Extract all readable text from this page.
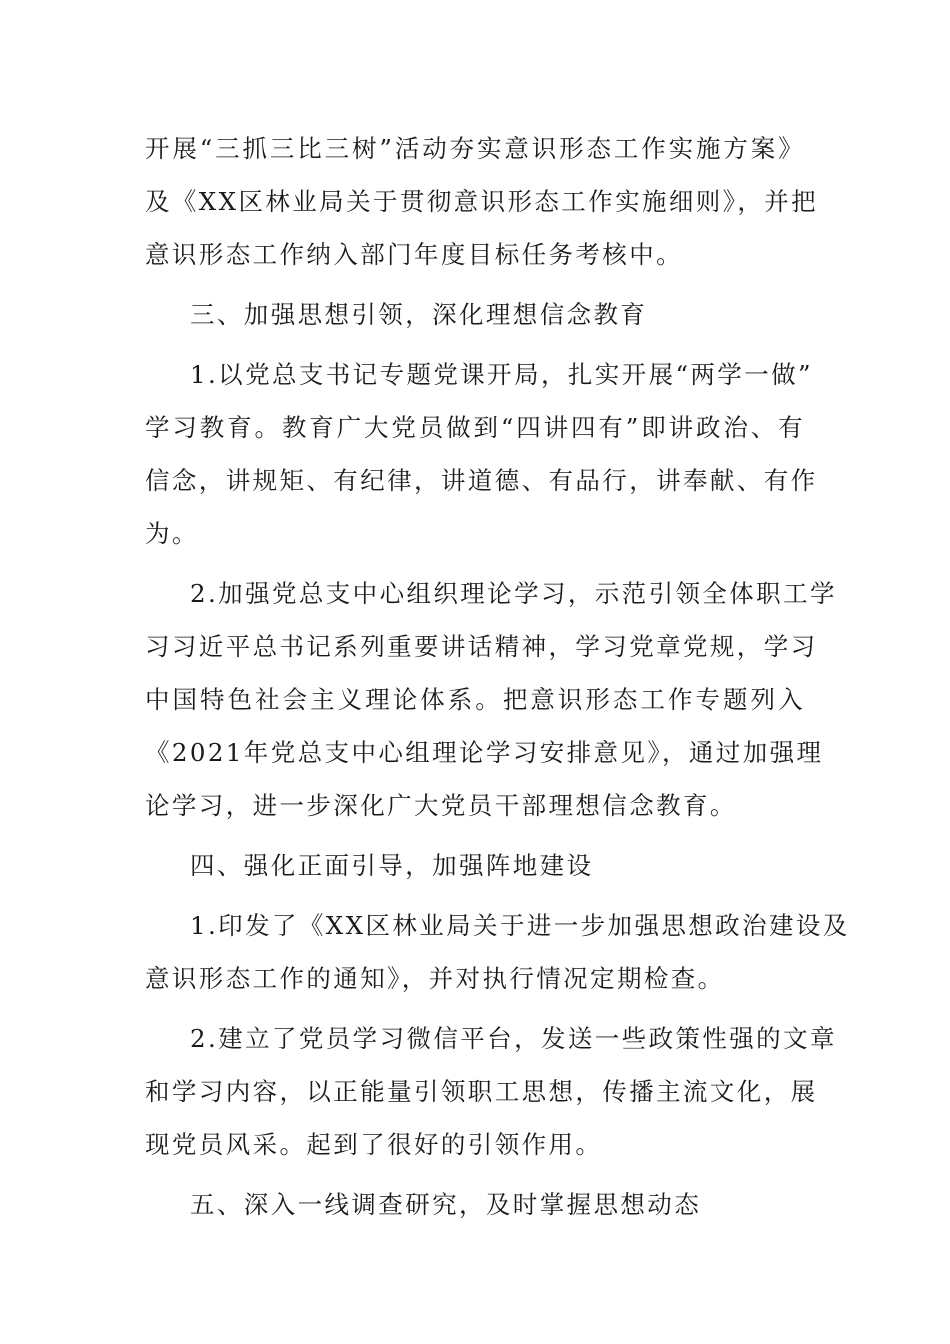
开展“三抓三比三树”活动夯实意识形态工作实施方案》
及《XX区林业局关于贯彻意识形态工作实施细则》，并把
意识形态工作纳入部门年度目标任务考核中。
三、加强思想引领，深化理想信念教育
1.以党总支书记专题党课开局，扎实开展“两学一做”
学习教育。教育广大党员做到“四讲四有”即讲政治、有
信念，讲规矩、有纪律，讲道德、有品行，讲奉献、有作
为。
2.加强党总支中心组织理论学习，示范引领全体职工学
习习近平总书记系列重要讲话精神，学习党章党规，学习
中国特色社会主义理论体系。把意识形态工作专题列入
《2021年党总支中心组理论学习安排意见》，通过加强理
论学习，进一步深化广大党员干部理想信念教育。
四、强化正面引导，加强阵地建设
1.印发了《XX区林业局关于进一步加强思想政治建设及
意识形态工作的通知》，并对执行情况定期检查。
2.建立了党员学习微信平台，发送一些政策性强的文章
和学习内容，以正能量引领职工思想，传播主流文化，展
现党员风采。起到了很好的引领作用。
五、深入一线调查研究，及时掌握思想动态
